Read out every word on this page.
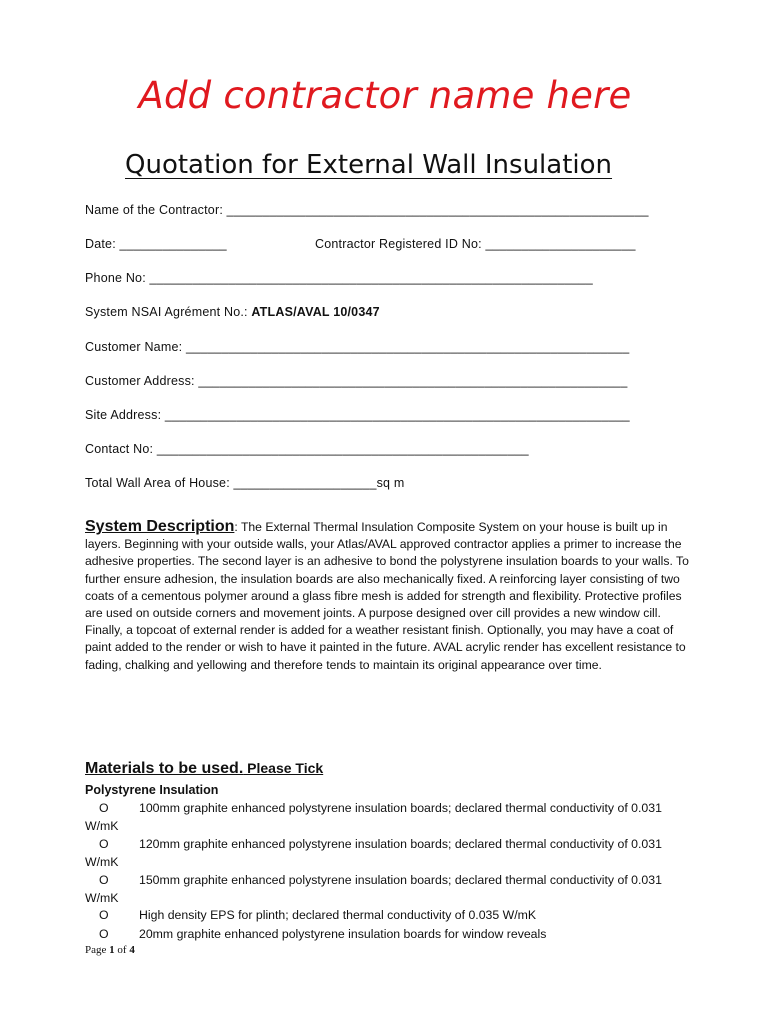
Add contractor name here
Quotation for External Wall Insulation
Name of the Contractor: ___________________________________________________________
Date: _______________	Contractor Registered ID No: _____________________
Phone No: ______________________________________________________________
System NSAI Agrément No.: ATLAS/AVAL 10/0347
Customer Name: ______________________________________________________________
Customer Address: ____________________________________________________________
Site Address: _________________________________________________________________
Contact No: ____________________________________________________
Total Wall Area of House: ____________________sq m
System Description: The External Thermal Insulation Composite System on your house is built up in layers. Beginning with your outside walls, your Atlas/AVAL approved contractor applies a primer to increase the adhesive properties. The second layer is an adhesive to bond the polystyrene insulation boards to your walls. To further ensure adhesion, the insulation boards are also mechanically fixed. A reinforcing layer consisting of two coats of a cementous polymer around a glass fibre mesh is added for strength and flexibility. Protective profiles are used on outside corners and movement joints. A purpose designed over cill provides a new window cill. Finally, a topcoat of external render is added for a weather resistant finish. Optionally, you may have a coat of paint added to the render or wish to have it painted in the future. AVAL acrylic render has excellent resistance to fading, chalking and yellowing and therefore tends to maintain its original appearance over time.
Materials to be used. Please Tick
Polystyrene Insulation
O 100mm graphite enhanced polystyrene insulation boards; declared thermal conductivity of 0.031 W/mK
O 120mm graphite enhanced polystyrene insulation boards; declared thermal conductivity of 0.031 W/mK
O 150mm graphite enhanced polystyrene insulation boards; declared thermal conductivity of 0.031 W/mK
O High density EPS for plinth; declared thermal conductivity of 0.035 W/mK
O 20mm graphite enhanced polystyrene insulation boards for window reveals
Page 1 of 4
